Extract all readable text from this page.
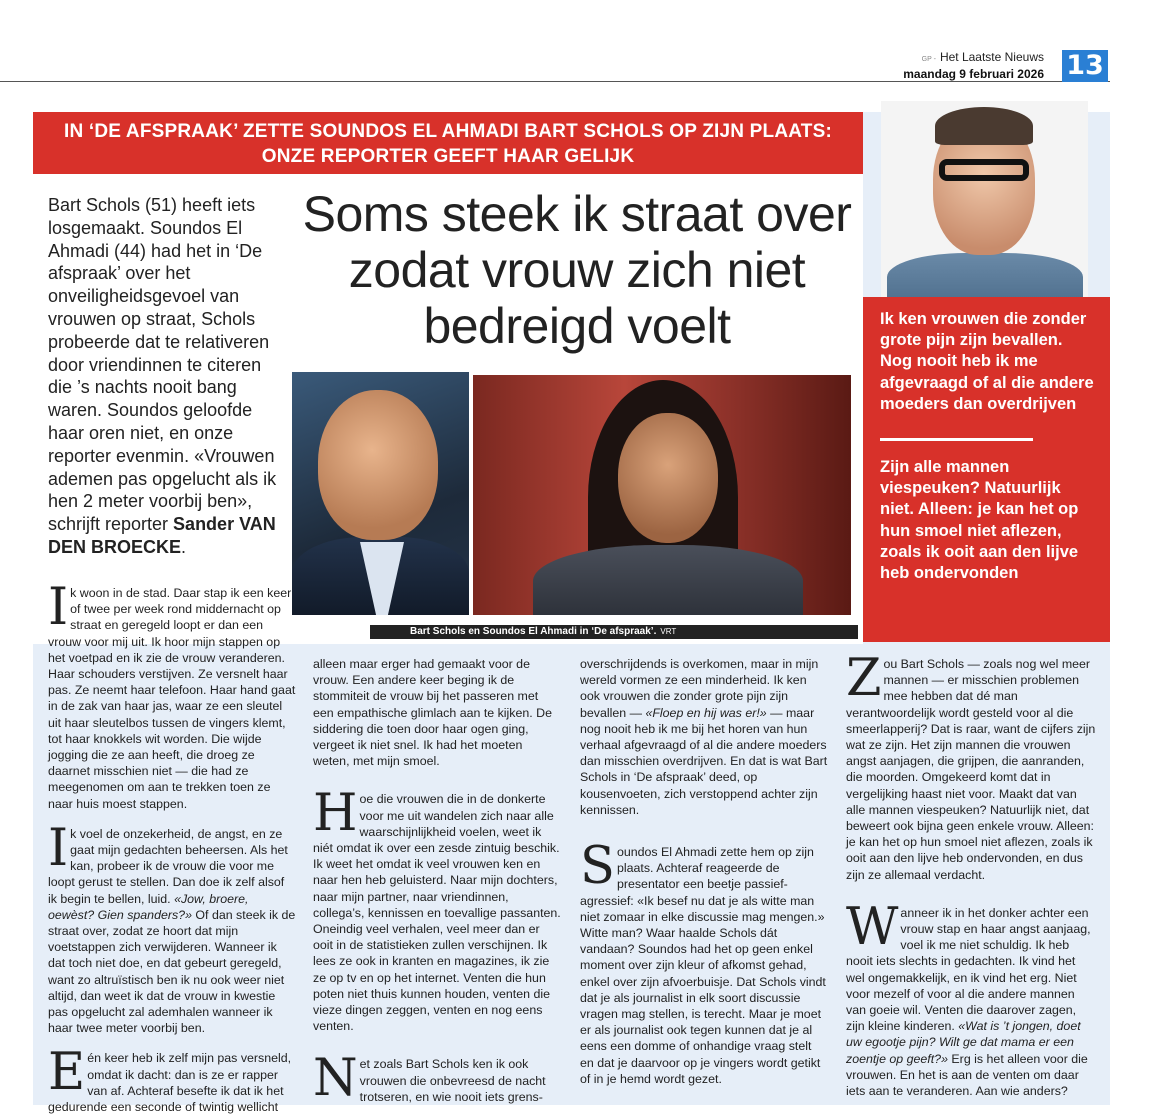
GP - Het Laatste Nieuws
maandag 9 februari 2026 13
IN ‘DE AFSPRAAK’ ZETTE SOUNDOS EL AHMADI BART SCHOLS OP ZIJN PLAATS:
ONZE REPORTER GEEFT HAAR GELIJK
Bart Schols (51) heeft iets losgemaakt. Soundos El Ahmadi (44) had het in ‘De afspraak’ over het onveiligheidsgevoel van vrouwen op straat, Schols probeerde dat te relativeren door vriendinnen te citeren die ’s nachts nooit bang waren. Soundos geloofde haar oren niet, en onze reporter evenmin. «Vrouwen ademen pas opgelucht als ik hen 2 meter voorbij ben», schrijft reporter Sander VAN DEN BROECKE.
Soms steek ik straat over zodat vrouw zich niet bedreigd voelt
Bart Schols en Soundos El Ahmadi in ‘De afspraak’. VRT
Ik ken vrouwen die zonder grote pijn zijn bevallen. Nog nooit heb ik me afgevraagd of al die andere moeders dan overdrijven
Zijn alle mannen viespeuken? Natuurlijk niet. Alleen: je kan het op hun smoel niet aflezen, zoals ik ooit aan den lijve heb ondervonden

Ik woon in de stad. Daar stap ik een keer of twee per week rond middernacht op straat en geregeld loopt er dan een vrouw voor mij uit. Ik hoor mijn stappen op het voetpad en ik zie de vrouw veranderen. Haar schouders verstijven. Ze versnelt haar pas. Ze neemt haar telefoon. Haar hand gaat in de zak van haar jas, waar ze een sleutel uit haar sleutelbos tussen de vingers klemt, tot haar knokkels wit worden. Die wijde jogging die ze aan heeft, die droeg ze daarnet misschien niet — die had ze meegenomen om aan te trekken toen ze naar huis moest stappen.

Ik voel de onzekerheid, de angst, en ze gaat mijn gedachten beheersen. Als het kan, probeer ik de vrouw die voor me loopt gerust te stellen. Dan doe ik zelf alsof ik begin te bellen, luid. «Jow, broere, oewèst? Gien spanders?» Of dan steek ik de straat over, zodat ze hoort dat mijn voetstappen zich verwijderen. Wanneer ik dat toch niet doe, en dat gebeurt geregeld, want zo altruïstisch ben ik nu ook weer niet altijd, dan weet ik dat de vrouw in kwestie pas opgelucht zal ademhalen wanneer ik haar twee meter voorbij ben.

Eén keer heb ik zelf mijn pas versneld, omdat ik dacht: dan is ze er rapper van af. Achteraf besefte ik dat ik het gedurende een seconde of twintig wellicht

alleen maar erger had gemaakt voor de vrouw. Een andere keer beging ik de stommiteit de vrouw bij het passeren met een empathische glimlach aan te kijken. De siddering die toen door haar ogen ging, vergeet ik niet snel. Ik had het moeten weten, met mijn smoel.

Hoe die vrouwen die in de donkerte voor me uit wandelen zich naar alle waarschijnlijkheid voelen, weet ik niét omdat ik over een zesde zintuig beschik. Ik weet het omdat ik veel vrouwen ken en naar hen heb geluisterd. Naar mijn dochters, naar mijn partner, naar vriendinnen, collega’s, kennissen en toevallige passanten. Oneindig veel verhalen, veel meer dan er ooit in de statistieken zullen verschijnen. Ik lees ze ook in kranten en magazines, ik zie ze op tv en op het internet. Venten die hun poten niet thuis kunnen houden, venten die vieze dingen zeggen, venten en nog eens venten.

Net zoals Bart Schols ken ik ook vrouwen die onbevreesd de nacht trotseren, en wie nooit iets grens-

overschrijdends is overkomen, maar in mijn wereld vormen ze een minderheid. Ik ken ook vrouwen die zonder grote pijn zijn bevallen — «Floep en hij was er!» — maar nog nooit heb ik me bij het horen van hun verhaal afgevraagd of al die andere moeders dan misschien overdrijven. En dat is wat Bart Schols in ‘De afspraak’ deed, op kousenvoeten, zich verstoppend achter zijn kennissen.

Soundos El Ahmadi zette hem op zijn plaats. Achteraf reageerde de presentator een beetje passief-agressief: «Ik besef nu dat je als witte man niet zomaar in elke discussie mag mengen.» Witte man? Waar haalde Schols dát vandaan? Soundos had het op geen enkel moment over zijn kleur of afkomst gehad, enkel over zijn afvoerbuisje. Dat Schols vindt dat je als journalist in elk soort discussie vragen mag stellen, is terecht. Maar je moet er als journalist ook tegen kunnen dat je al eens een domme of onhandige vraag stelt en dat je daarvoor op je vingers wordt getikt of in je hemd wordt gezet.

Zou Bart Schols — zoals nog wel meer mannen — er misschien problemen mee hebben dat dé man verantwoordelijk wordt gesteld voor al die smeerlapperij? Dat is raar, want de cijfers zijn wat ze zijn. Het zijn mannen die vrouwen angst aanjagen, die grijpen, die aanranden, die moorden. Omgekeerd komt dat in vergelijking haast niet voor. Maakt dat van alle mannen viespeuken? Natuurlijk niet, dat beweert ook bijna geen enkele vrouw. Alleen: je kan het op hun smoel niet aflezen, zoals ik ooit aan den lijve heb ondervonden, en dus zijn ze allemaal verdacht.

Wanneer ik in het donker achter een vrouw stap en haar angst aanjaag, voel ik me niet schuldig. Ik heb nooit iets slechts in gedachten. Ik vind het wel ongemakkelijk, en ik vind het erg. Niet voor mezelf of voor al die andere mannen van goeie wil. Venten die daarover zagen, zijn kleine kinderen. «Wat is ’t jongen, doet uw egootje pijn? Wilt ge dat mama er een zoentje op geeft?» Erg is het alleen voor die vrouwen. En het is aan de venten om daar iets aan te veranderen. Aan wie anders?
